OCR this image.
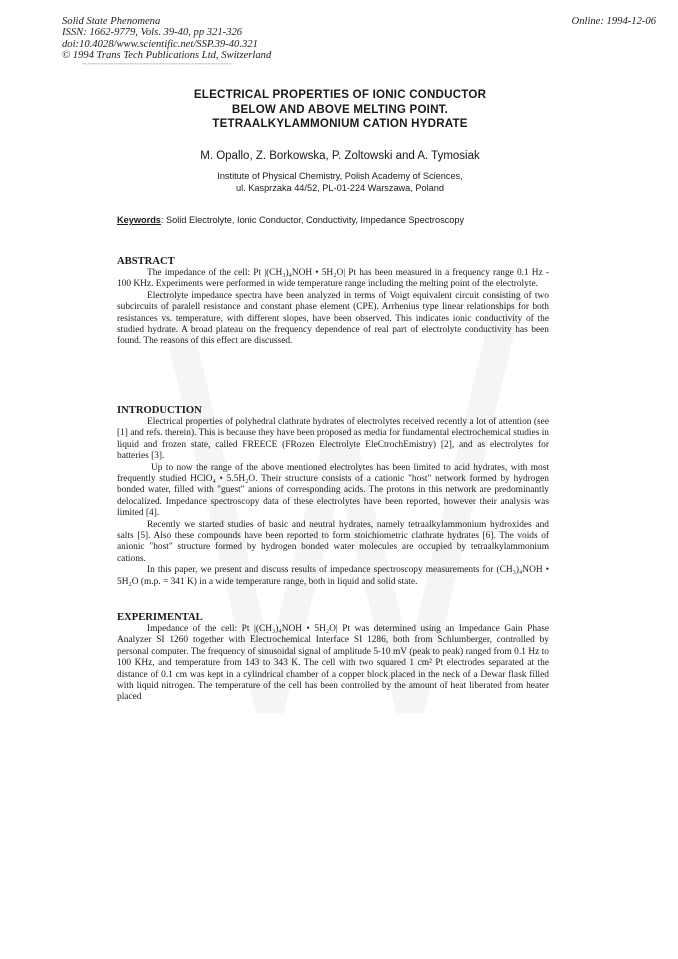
Solid State Phenomena
ISSN: 1662-9779, Vols. 39-40, pp 321-326
doi:10.4028/www.scientific.net/SSP.39-40.321
© 1994 Trans Tech Publications Ltd, Switzerland
Online: 1994-12-06
~~~~~~~~~~~~~~~~~~~~~~~~~~~~~~~~~~~~~~~~~~~~~~
ELECTRICAL PROPERTIES OF IONIC CONDUCTOR
BELOW AND ABOVE MELTING POINT.
TETRAALKYLAMMONIUM CATION HYDRATE
M. Opallo, Z. Borkowska, P. Zoltowski and A. Tymosiak
Institute of Physical Chemistry, Polish Academy of Sciences,
ul. Kasprzaka 44/52, PL-01-224 Warszawa, Poland
Keywords: Solid Electrolyte, Ionic Conductor, Conductivity, Impedance Spectroscopy
ABSTRACT

The impedance of the cell: Pt |(CH₃)₄NOH • 5H₂O| Pt has been measured in a frequency range 0.1 Hz - 100 KHz. Experiments were performed in wide temperature range including the melting point of the electrolyte.

Electrolyte impedance spectra have been analyzed in terms of Voigt equivalent circuit consisting of two subcircuits of paralell resistance and constant phase element (CPE). Arrhenius type linear relationships for both resistances vs. temperature, with different slopes, have been observed. This indicates ionic conductivity of the studied hydrate. A broad plateau on the frequency dependence of real part of electrolyte conductivity has been found. The reasons of this effect are discussed.

INTRODUCTION

Electrical properties of polyhedral clathrate hydrates of electrolytes received recently a lot of attention (see [1] and refs. therein). This is because they have been proposed as media for fundamental electrochemical studies in liquid and frozen state, called FREECE (FRozen Electrolyte EleCtrochEmistry) [2], and as electrolytes for batteries [3].

Up to now the range of the above mentioned electrolytes has been limited to acid hydrates, with most frequently studied HClO₄ • 5.5H₂O. Their structure consists of a cationic "host" network formed by hydrogen bonded water, filled with "guest" anions of corresponding acids. The protons in this network are predominantly delocalized. Impedance spectroscopy data of these electrolytes have been reported, however their analysis was limited [4].

Recently we started studies of basic and neutral hydrates, namely tetraalkylammonium hydroxides and salts [5]. Also these compounds have been reported to form stoichiometric clathrate hydrates [6]. The voids of anionic "host" structure formed by hydrogen bonded water molecules are occupied by tetraalkylammonium cations.

In this paper, we present and discuss results of impedance spectroscopy measurements for (CH₃)₄NOH • 5H₂O (m.p. = 341 K) in a wide temperature range, both in liquid and solid state.

EXPERIMENTAL

Impedance of the cell: Pt |(CH₃)₄NOH • 5H₂O| Pt was determined using an Impedance Gain Phase Analyzer SI 1260 together with Electrochemical Interface SI 1286, both from Schlumberger, controlled by personal computer. The frequency of sinusoidal signal of amplitude 5-10 mV (peak to peak) ranged from 0.1 Hz to 100 KHz, and temperature from 143 to 343 K. The cell with two squared 1 cm² Pt electrodes separated at the distance of 0.1 cm was kept in a cylindrical chamber of a copper block placed in the neck of a Dewar flask filled with liquid nitrogen. The temperature of the cell has been controlled by the amount of heat liberated from heater placed
